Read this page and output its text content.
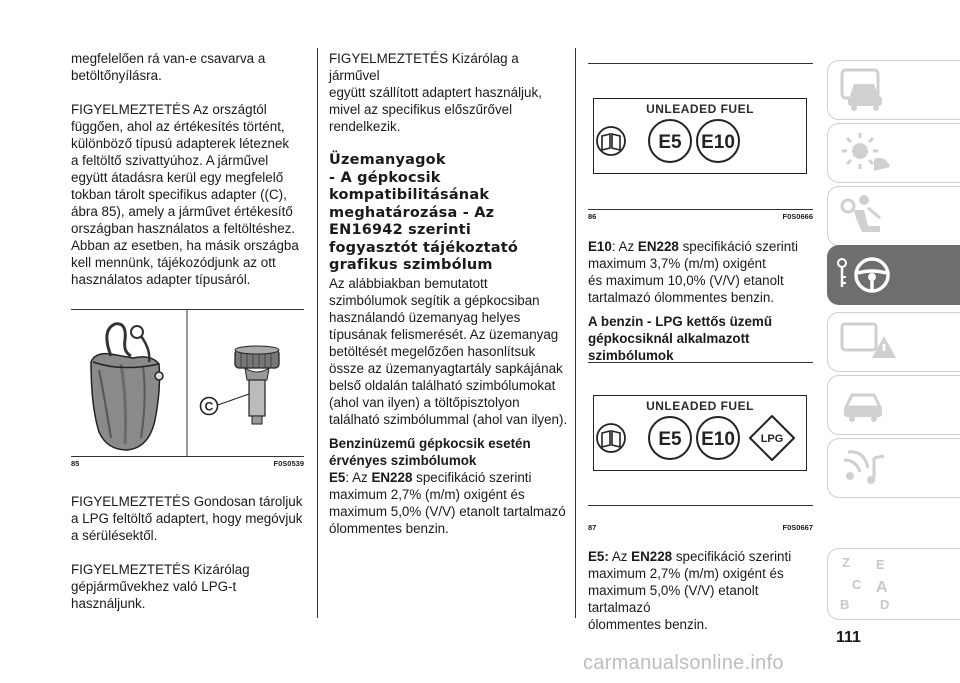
megfelelően rá van-e csavarva a
betöltőnyílásra.
FIGYELMEZTETÉS Az országtól
függően, ahol az értékesítés történt,
különböző típusú adapterek léteznek
a feltöltő szivattyúhoz. A járművel
együtt átadásra kerül egy megfelelő
tokban tárolt specifikus adapter ((C),
ábra 85), amely a járművet értékesítő
országban használatos a feltöltéshez.
Abban az esetben, ha másik országba
kell mennünk, tájékozódjunk az ott
használatos adapter típusáról.
C
85	F0S0539
FIGYELMEZTETÉS Gondosan tároljuk
a LPG feltöltő adaptert, hogy megóvjuk
a sérülésektől.
FIGYELMEZTETÉS Kizárólag
gépjárművekhez való LPG-t
használjunk.
FIGYELMEZTETÉS Kizárólag a járművel
együtt szállított adaptert használjuk,
mivel az specifikus előszűrővel
rendelkezik.
Üzemanyagok
- A gépkocsik
kompatibilitásának
meghatározása - Az
EN16942 szerinti
fogyasztót tájékoztató
grafikus szimbólum
Az alábbiakban bemutatott
szimbólumok segítik a gépkocsiban
használandó üzemanyag helyes
típusának felismerését. Az üzemanyag
betöltését megelőzően hasonlítsuk
össze az üzemanyagtartály sapkájának
belső oldalán található szimbólumokat
(ahol van ilyen) a töltőpisztolyon
található szimbólummal (ahol van ilyen).
Benzinüzemű gépkocsik esetén
érvényes szimbólumok
E5: Az EN228 specifikáció szerinti
maximum 2,7% (m/m) oxigént és
maximum 5,0% (V/V) etanolt tartalmazó
ólommentes benzin.
UNLEADED FUEL
E5 E10
86	F0S0666
E10: Az EN228 specifikáció szerinti
maximum 3,7% (m/m) oxigént
és maximum 10,0% (V/V) etanolt
tartalmazó ólommentes benzin.
A benzin - LPG kettős üzemű
gépkocsiknál alkalmazott
szimbólumok
UNLEADED FUEL
E5 E10 LPG
87	F0S0667
E5: Az EN228 specifikáció szerinti
maximum 2,7% (m/m) oxigént és
maximum 5,0% (V/V) etanolt tartalmazó
ólommentes benzin.
Z E
C A
B D
111
carmanualsonline.info
